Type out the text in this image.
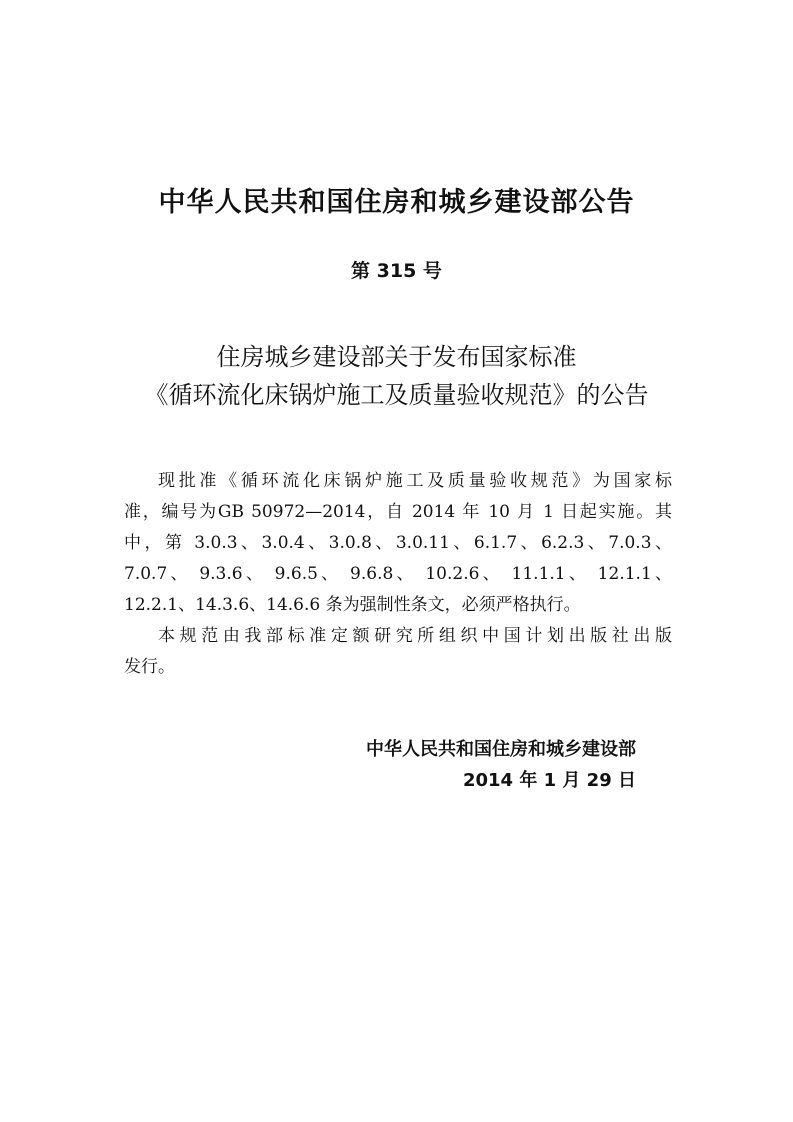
中华人民共和国住房和城乡建设部公告
第 315 号
住房城乡建设部关于发布国家标准
《循环流化床锅炉施工及质量验收规范》的公告
现批准《循环流化床锅炉施工及质量验收规范》为国家标
准，编号为GB 50972—2014，自 2014 年 10 月 1 日起实施。其
中，第 3.0.3、3.0.4、3.0.8、3.0.11、6.1.7、6.2.3、7.0.3、
7.0.7、 9.3.6、 9.6.5、 9.6.8、 10.2.6、 11.1.1、 12.1.1、
12.2.1、14.3.6、14.6.6 条为强制性条文，必须严格执行。
本规范由我部标准定额研究所组织中国计划出版社出版
发行。
中华人民共和国住房和城乡建设部
2014 年 1 月 29 日
